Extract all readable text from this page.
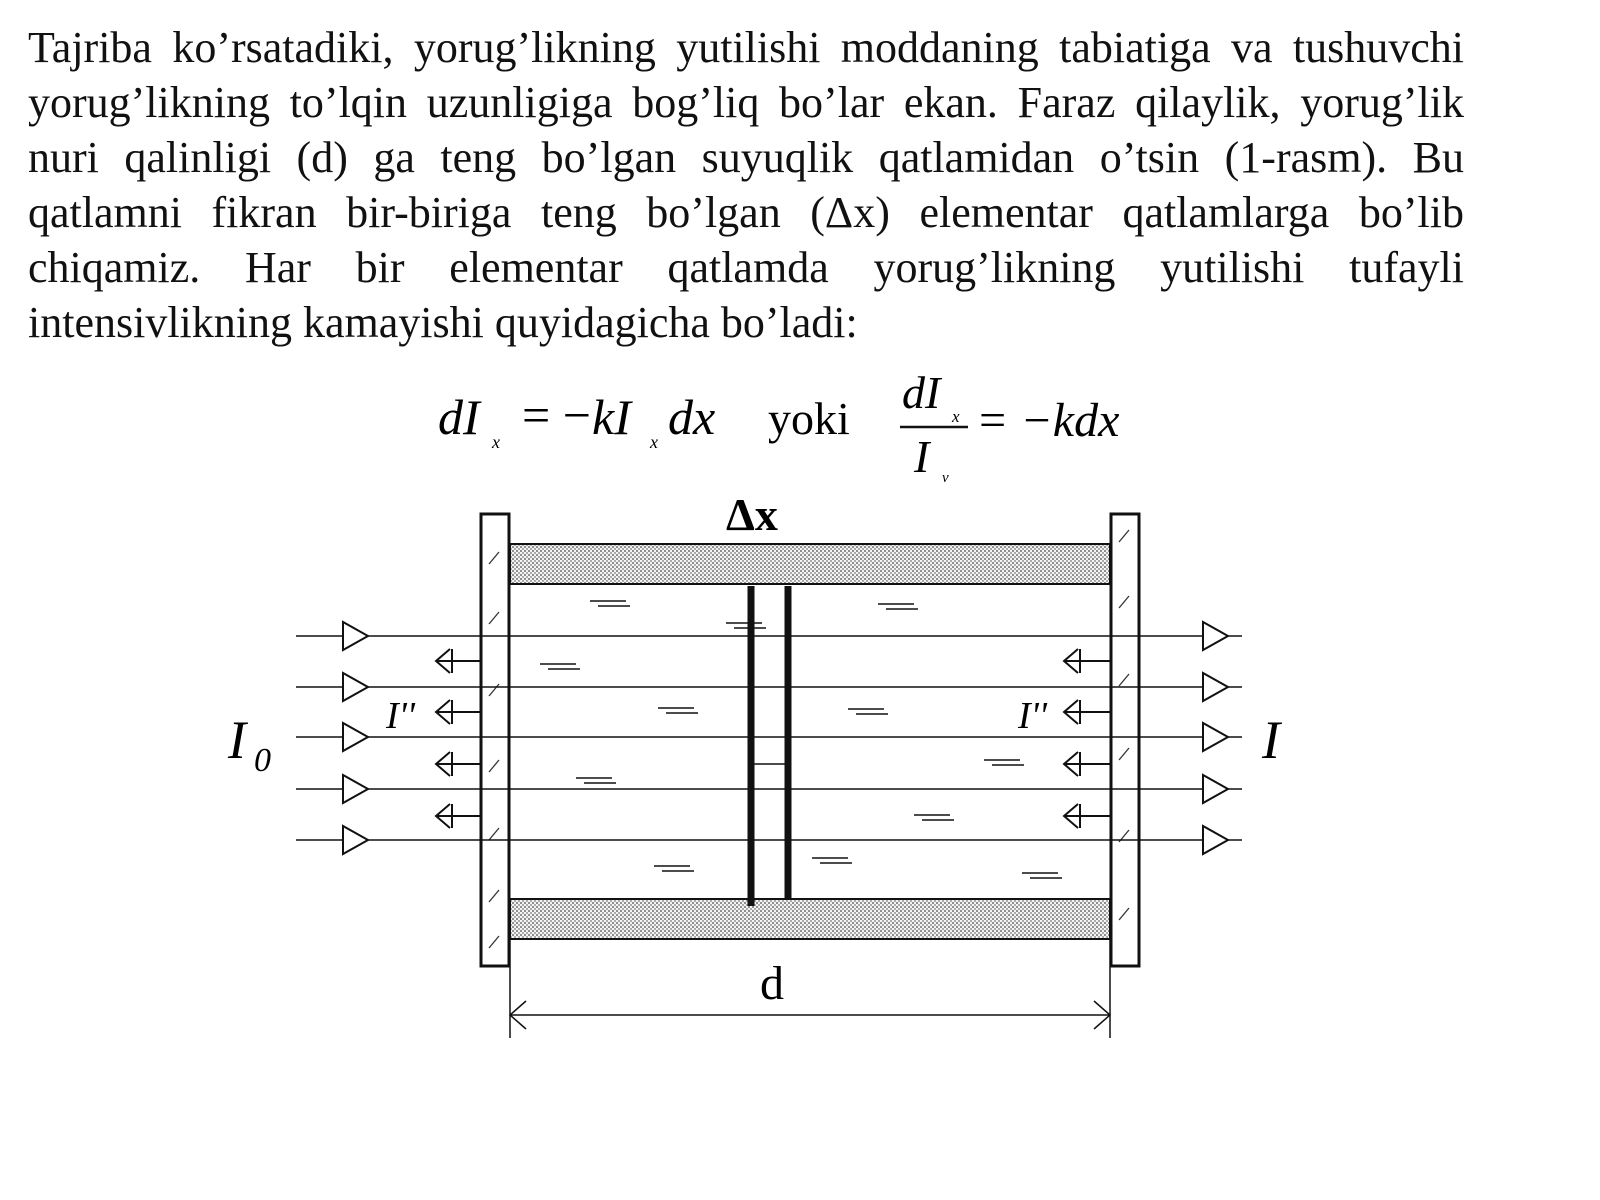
Tajriba ko’rsatadiki, yorug’likning yutilishi moddaning tabiatiga va tushuvchi yorug’likning to’lqin uzunligiga bog’liq bo’lar ekan. Faraz qilaylik, yorug’lik nuri qalinligi (d) ga teng bo’lgan suyuqlik qatlamidan o’tsin (1-rasm). Bu qatlamni fikran bir-biriga teng bo’lgan (Δx) elementar qatlamlarga bo’lib chiqamiz. Har bir elementar qatlamda yorug’likning yutilishi tufayli intensivlikning kamayishi quyidagicha bo’ladi:

dI x = − kI x dx yoki
dI x
I v
= −kdx
Δx
I 0	I
I''	I''
d
